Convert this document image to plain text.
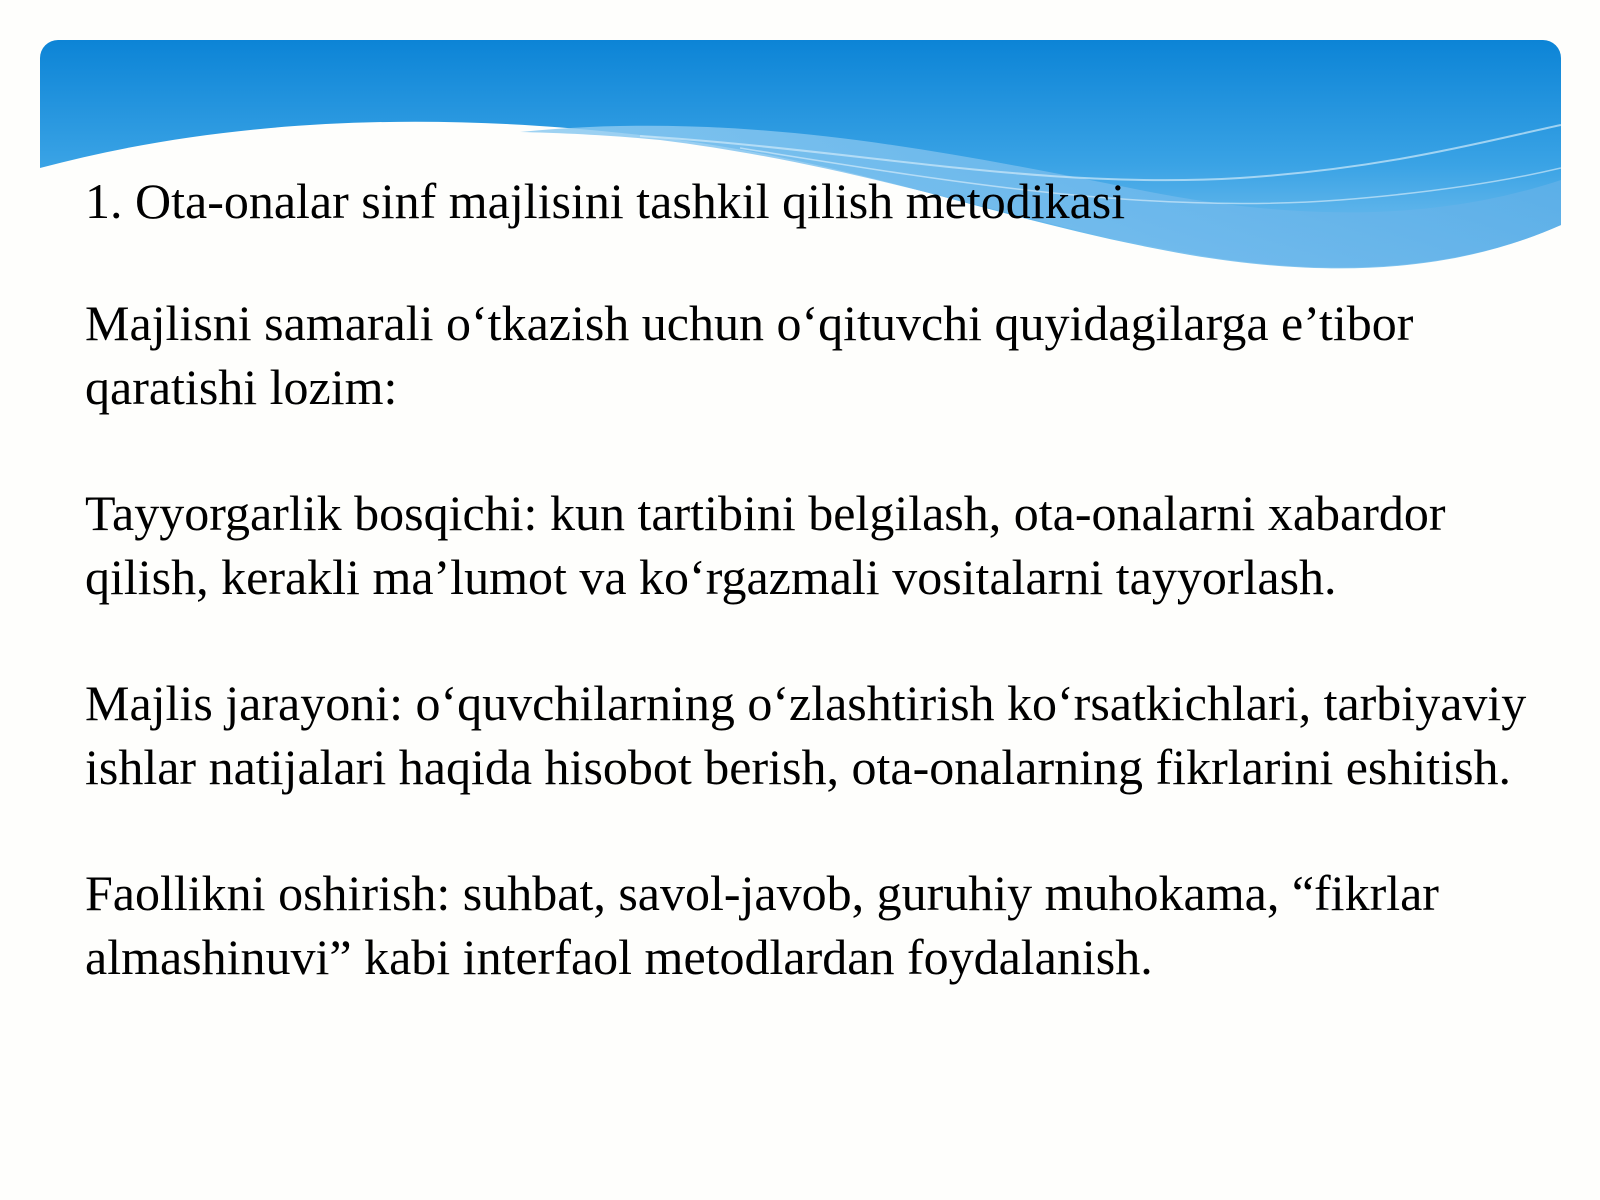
1. Ota-onalar sinf majlisini tashkil qilish metodikasi

Majlisni samarali o‘tkazish uchun o‘qituvchi quyidagilarga e’tibor qaratishi lozim:

Tayyorgarlik bosqichi: kun tartibini belgilash, ota-onalarni xabardor qilish, kerakli ma’lumot va ko‘rgazmali vositalarni tayyorlash.

Majlis jarayoni: o‘quvchilarning o‘zlashtirish ko‘rsatkichlari, tarbiyaviy ishlar natijalari haqida hisobot berish, ota-onalarning fikrlarini eshitish.

Faollikni oshirish: suhbat, savol-javob, guruhiy muhokama, “fikrlar almashinuvi” kabi interfaol metodlardan foydalanish.
